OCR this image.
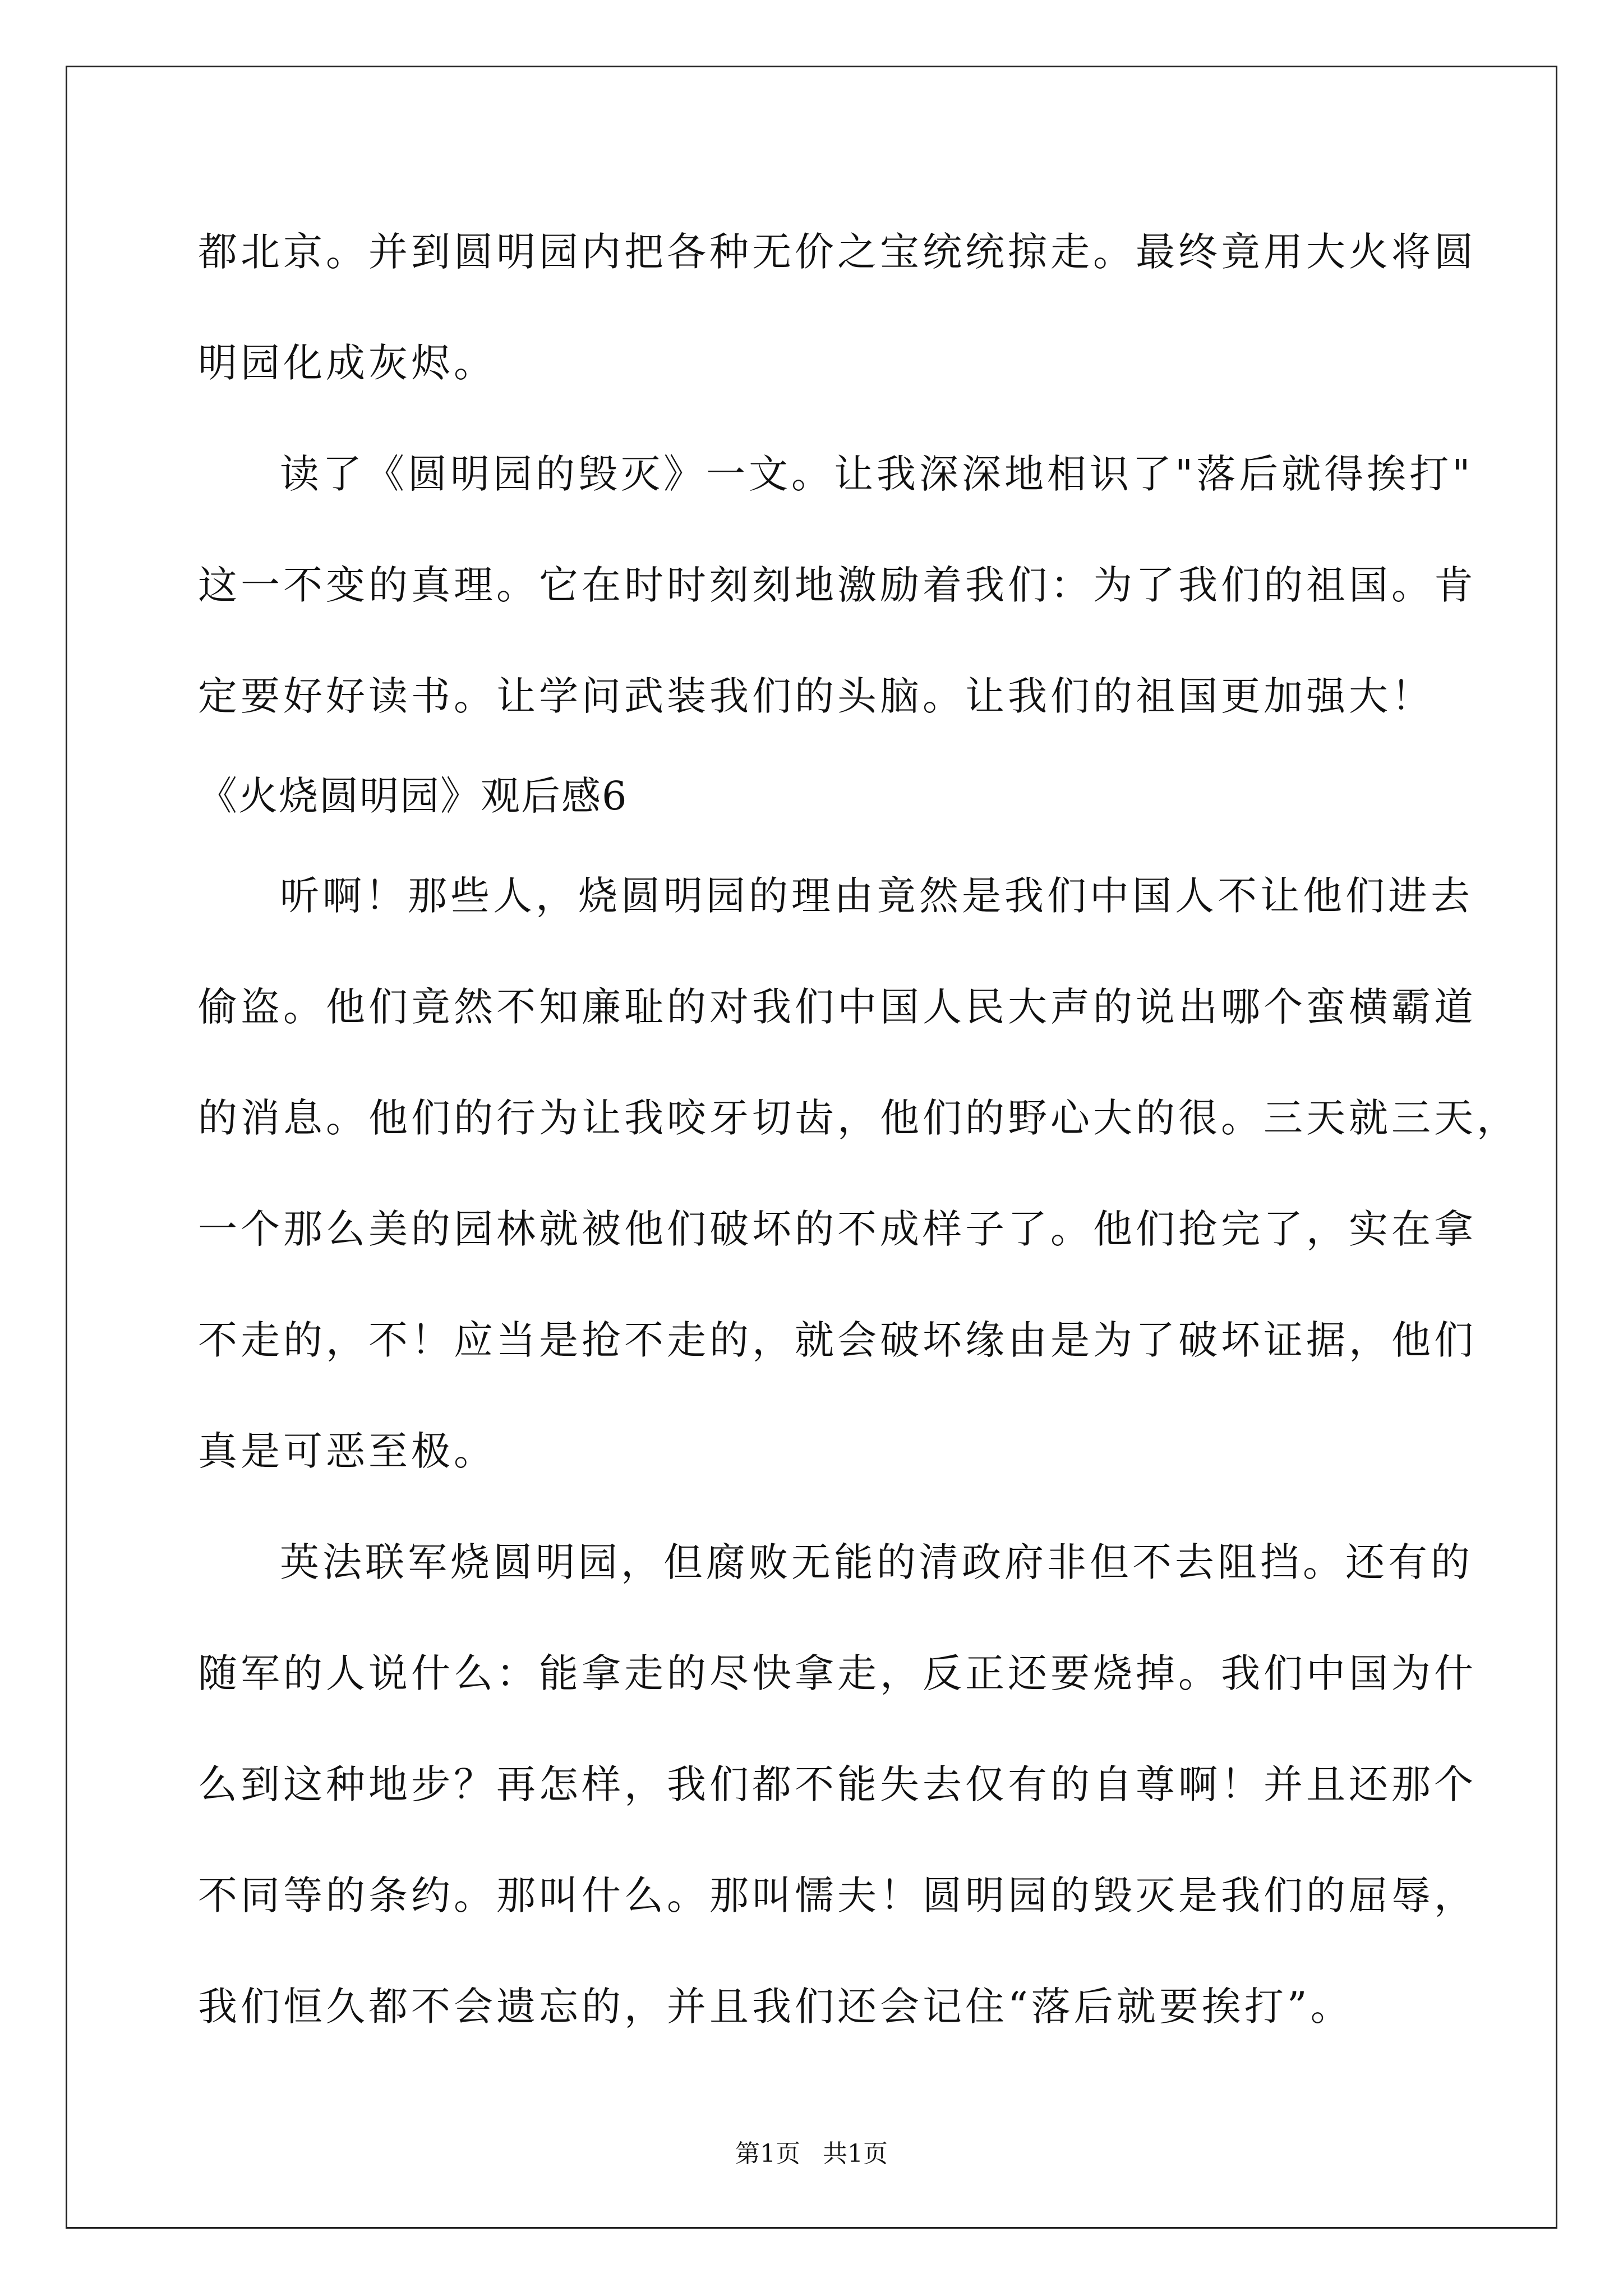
都北京。并到圆明园内把各种无价之宝统统掠走。最终竟用大火将圆
明园化成灰烬。
读了《圆明园的毁灭》一文。让我深深地相识了"落后就得挨打"
这一不变的真理。它在时时刻刻地激励着我们：为了我们的祖国。肯
定要好好读书。让学问武装我们的头脑。让我们的祖国更加强大！
《火烧圆明园》观后感6
听啊！那些人，烧圆明园的理由竟然是我们中国人不让他们进去
偷盗。他们竟然不知廉耻的对我们中国人民大声的说出哪个蛮横霸道
的消息。他们的行为让我咬牙切齿，他们的野心大的很。三天就三天，
一个那么美的园林就被他们破坏的不成样子了。他们抢完了，实在拿
不走的，不！应当是抢不走的，就会破坏缘由是为了破坏证据，他们
真是可恶至极。
英法联军烧圆明园，但腐败无能的清政府非但不去阻挡。还有的
随军的人说什么：能拿走的尽快拿走，反正还要烧掉。我们中国为什
么到这种地步？再怎样，我们都不能失去仅有的自尊啊！并且还那个
不同等的条约。那叫什么。那叫懦夫！圆明园的毁灭是我们的屈辱，
我们恒久都不会遗忘的，并且我们还会记住“落后就要挨打”。
第1页 共1页
